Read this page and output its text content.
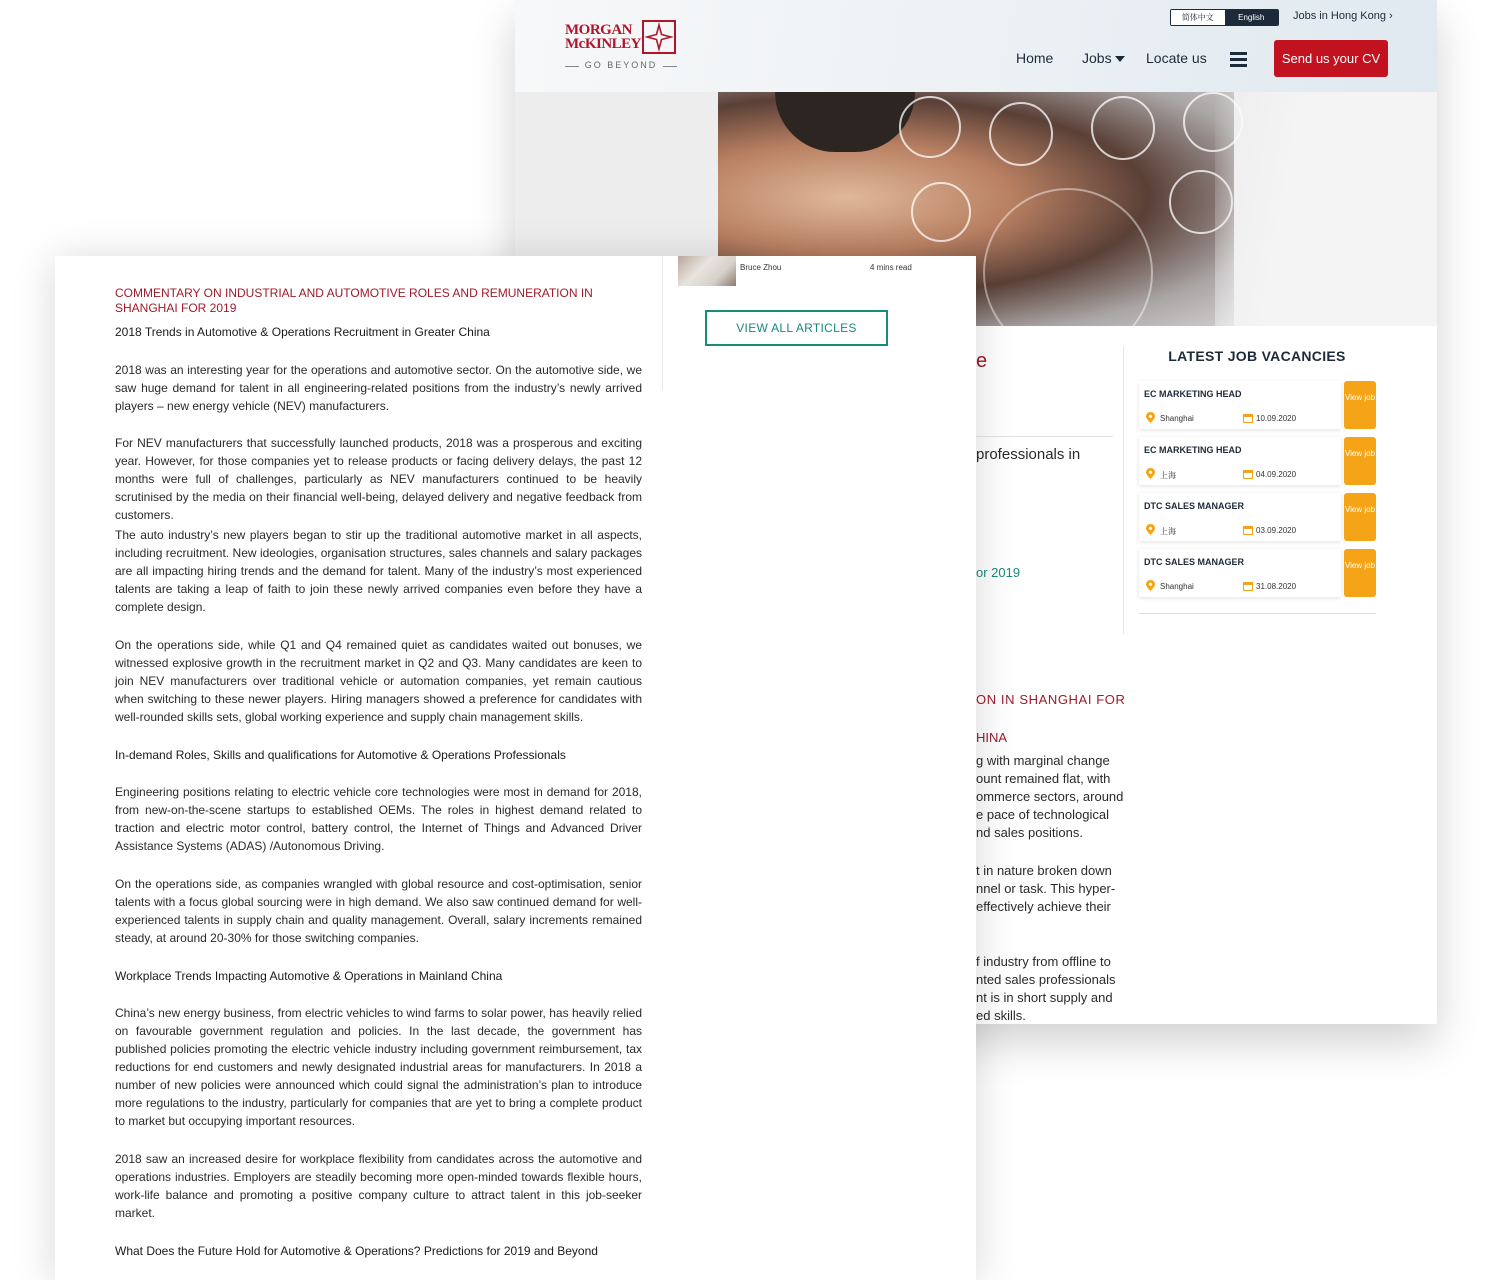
MORGAN
McKINLEY
GO BEYOND
简体中文	English	Jobs in Hong Kong ›
Home Jobs Locate us	Send us your CV
e
professionals in
or 2019
ON IN SHANGHAI FOR
HINA
g with marginal change
ount remained flat, with
ommerce sectors, around
e pace of technological
nd sales positions.
t in nature broken down
nnel or task. This hyper-
effectively achieve their
f industry from offline to
nted sales professionals
nt is in short supply and
ed skills.
LATEST JOB VACANCIES
EC MARKETING HEAD
Shanghai	10.09.2020
View job
EC MARKETING HEAD
上海	04.09.2020
View job
DTC SALES MANAGER
上海	03.09.2020
View job
DTC SALES MANAGER
Shanghai	31.08.2020
View job
Bruce Zhou	4 mins read
VIEW ALL ARTICLES
COMMENTARY ON INDUSTRIAL AND AUTOMOTIVE ROLES AND REMUNERATION IN SHANGHAI FOR 2019
2018 Trends in Automotive & Operations Recruitment in Greater China
2018 was an interesting year for the operations and automotive sector. On the automotive side, we saw huge demand for talent in all engineering-related positions from the industry’s newly arrived players – new energy vehicle (NEV) manufacturers.
For NEV manufacturers that successfully launched products, 2018 was a prosperous and exciting year. However, for those companies yet to release products or facing delivery delays, the past 12 months were full of challenges, particularly as NEV manufacturers continued to be heavily scrutinised by the media on their financial well-being, delayed delivery and negative feedback from customers.
The auto industry’s new players began to stir up the traditional automotive market in all aspects, including recruitment. New ideologies, organisation structures, sales channels and salary packages are all impacting hiring trends and the demand for talent. Many of the industry’s most experienced talents are taking a leap of faith to join these newly arrived companies even before they have a complete design.
On the operations side, while Q1 and Q4 remained quiet as candidates waited out bonuses, we witnessed explosive growth in the recruitment market in Q2 and Q3. Many candidates are keen to join NEV manufacturers over traditional vehicle or automation companies, yet remain cautious when switching to these newer players. Hiring managers showed a preference for candidates with well-rounded skills sets, global working experience and supply chain management skills.
In-demand Roles, Skills and qualifications for Automotive & Operations Professionals
Engineering positions relating to electric vehicle core technologies were most in demand for 2018, from new-on-the-scene startups to established OEMs. The roles in highest demand related to traction and electric motor control, battery control, the Internet of Things and Advanced Driver Assistance Systems (ADAS) /Autonomous Driving.
On the operations side, as companies wrangled with global resource and cost-optimisation, senior talents with a focus global sourcing were in high demand. We also saw continued demand for well-experienced talents in supply chain and quality management. Overall, salary increments remained steady, at around 20-30% for those switching companies.
Workplace Trends Impacting Automotive & Operations in Mainland China
China’s new energy business, from electric vehicles to wind farms to solar power, has heavily relied on favourable government regulation and policies. In the last decade, the government has published policies promoting the electric vehicle industry including government reimbursement, tax reductions for end customers and newly designated industrial areas for manufacturers. In 2018 a number of new policies were announced which could signal the administration’s plan to introduce more regulations to the industry, particularly for companies that are yet to bring a complete product to market but occupying important resources.
2018 saw an increased desire for workplace flexibility from candidates across the automotive and operations industries. Employers are steadily becoming more open-minded towards flexible hours, work-life balance and promoting a positive company culture to attract talent in this job-seeker market.
What Does the Future Hold for Automotive & Operations? Predictions for 2019 and Beyond
